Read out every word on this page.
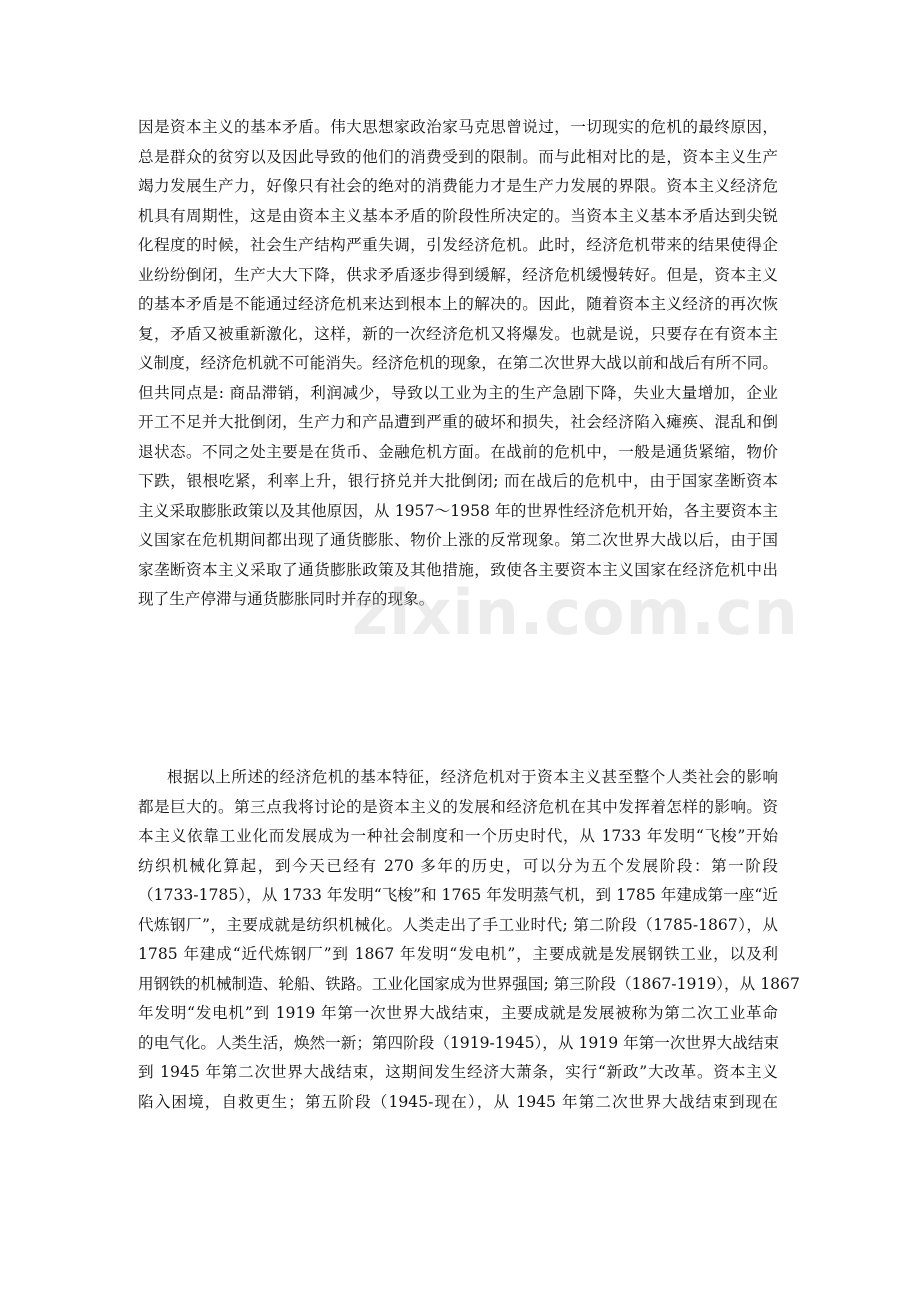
因是资本主义的基本矛盾。伟大思想家政治家马克思曾说过，一切现实的危机的最终原因，
总是群众的贫穷以及因此导致的他们的消费受到的限制。而与此相对比的是，资本主义生产
竭力发展生产力，好像只有社会的绝对的消费能力才是生产力发展的界限。资本主义经济危
机具有周期性，这是由资本主义基本矛盾的阶段性所决定的。当资本主义基本矛盾达到尖锐
化程度的时候，社会生产结构严重失调，引发经济危机。此时，经济危机带来的结果使得企
业纷纷倒闭，生产大大下降，供求矛盾逐步得到缓解，经济危机缓慢转好。但是，资本主义
的基本矛盾是不能通过经济危机来达到根本上的解决的。因此，随着资本主义经济的再次恢
复，矛盾又被重新激化，这样，新的一次经济危机又将爆发。也就是说，只要存在有资本主
义制度，经济危机就不可能消失。经济危机的现象，在第二次世界大战以前和战后有所不同。
但共同点是: 商品滞销，利润减少，导致以工业为主的生产急剧下降，失业大量增加，企业
开工不足并大批倒闭，生产力和产品遭到严重的破坏和损失，社会经济陷入瘫痪、混乱和倒
退状态。不同之处主要是在货币、金融危机方面。在战前的危机中，一般是通货紧缩，物价
下跌，银根吃紧，利率上升，银行挤兑并大批倒闭; 而在战后的危机中，由于国家垄断资本
主义采取膨胀政策以及其他原因，从 1957～1958 年的世界性经济危机开始，各主要资本主
义国家在危机期间都出现了通货膨胀、物价上涨的反常现象。第二次世界大战以后，由于国
家垄断资本主义采取了通货膨胀政策及其他措施，致使各主要资本主义国家在经济危机中出
现了生产停滞与通货膨胀同时并存的现象。
根据以上所述的经济危机的基本特征，经济危机对于资本主义甚至整个人类社会的影响
都是巨大的。第三点我将讨论的是资本主义的发展和经济危机在其中发挥着怎样的影响。资
本主义依靠工业化而发展成为一种社会制度和一个历史时代，从 1733 年发明“飞梭”开始
纺织机械化算起，到今天已经有 270 多年的历史，可以分为五个发展阶段：第一阶段
（1733-1785），从 1733 年发明“飞梭”和 1765 年发明蒸气机，到 1785 年建成第一座“近
代炼钢厂”，主要成就是纺织机械化。人类走出了手工业时代; 第二阶段（1785-1867），从
1785 年建成“近代炼钢厂”到 1867 年发明“发电机”，主要成就是发展钢铁工业，以及利
用钢铁的机械制造、轮船、铁路。工业化国家成为世界强国; 第三阶段（1867-1919），从 1867
年发明“发电机”到 1919 年第一次世界大战结束，主要成就是发展被称为第二次工业革命
的电气化。人类生活，焕然一新；第四阶段（1919-1945），从 1919 年第一次世界大战结束
到 1945 年第二次世界大战结束，这期间发生经济大萧条，实行“新政”大改革。资本主义
陷入困境，自救更生；第五阶段（1945-现在），从 1945 年第二次世界大战结束到现在
zixin.com.cn
